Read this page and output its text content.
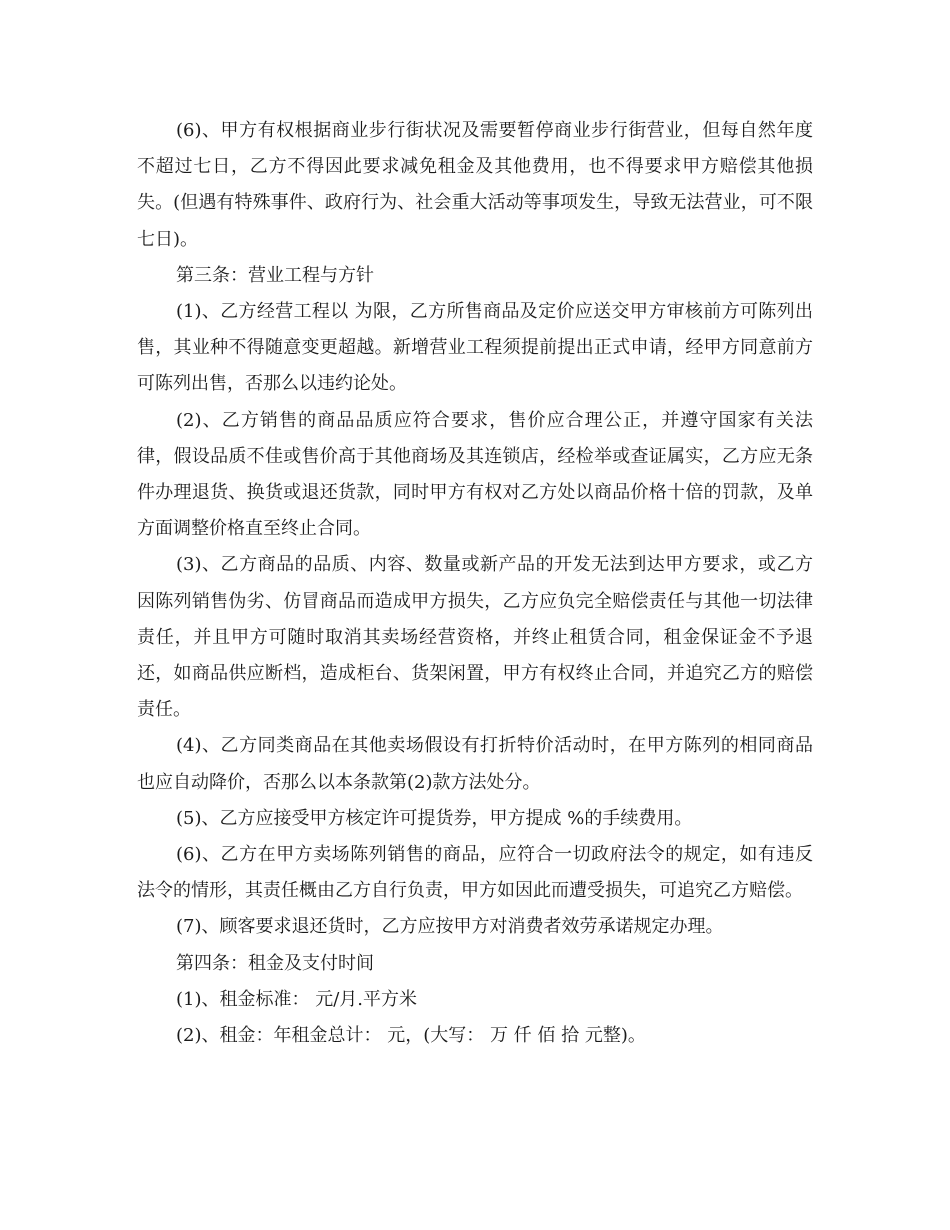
(6)、甲方有权根据商业步行街状况及需要暂停商业步行街营业，但每自然年度不超过七日，乙方不得因此要求减免租金及其他费用，也不得要求甲方赔偿其他损失。(但遇有特殊事件、政府行为、社会重大活动等事项发生，导致无法营业，可不限七日)。

第三条：营业工程与方针

(1)、乙方经营工程以 为限，乙方所售商品及定价应送交甲方审核前方可陈列出售，其业种不得随意变更超越。新增营业工程须提前提出正式申请，经甲方同意前方可陈列出售，否那么以违约论处。

(2)、乙方销售的商品品质应符合要求，售价应合理公正，并遵守国家有关法律，假设品质不佳或售价高于其他商场及其连锁店，经检举或查证属实，乙方应无条件办理退货、换货或退还货款，同时甲方有权对乙方处以商品价格十倍的罚款，及单方面调整价格直至终止合同。

(3)、乙方商品的品质、内容、数量或新产品的开发无法到达甲方要求，或乙方因陈列销售伪劣、仿冒商品而造成甲方损失，乙方应负完全赔偿责任与其他一切法律责任，并且甲方可随时取消其卖场经营资格，并终止租赁合同，租金保证金不予退还，如商品供应断档，造成柜台、货架闲置，甲方有权终止合同，并追究乙方的赔偿责任。

(4)、乙方同类商品在其他卖场假设有打折特价活动时，在甲方陈列的相同商品也应自动降价，否那么以本条款第(2)款方法处分。

(5)、乙方应接受甲方核定许可提货券，甲方提成 %的手续费用。

(6)、乙方在甲方卖场陈列销售的商品，应符合一切政府法令的规定，如有违反法令的情形，其责任概由乙方自行负责，甲方如因此而遭受损失，可追究乙方赔偿。

(7)、顾客要求退还货时，乙方应按甲方对消费者效劳承诺规定办理。

第四条：租金及支付时间

(1)、租金标准： 元/月.平方米

(2)、租金：年租金总计： 元，(大写： 万 仟 佰 拾 元整)。
